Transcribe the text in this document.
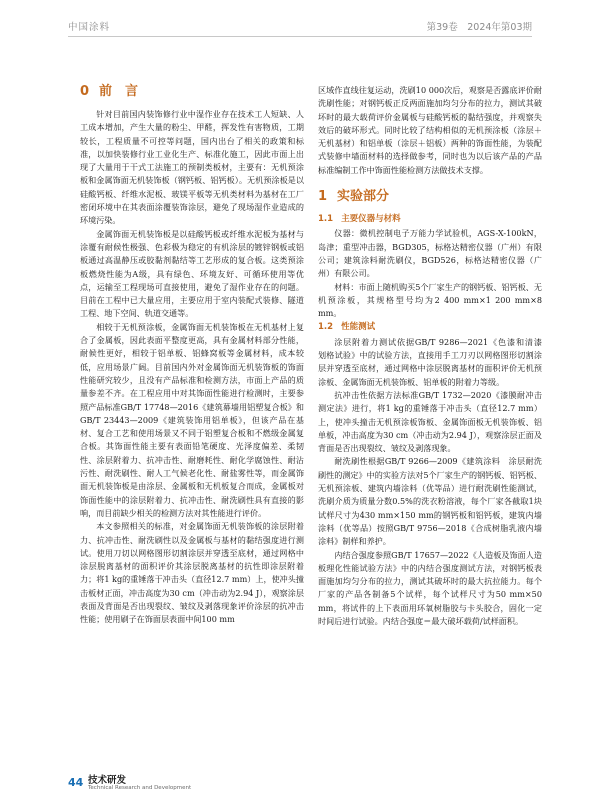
中国涂料	第39卷　2024年第03期
0 前　言

针对目前国内装饰修行业中湿作业存在技术工人短缺、人工成本增加，产生大量的粉尘、甲醛，挥发性有害物质，工期较长，工程质量不可控等问题，国内出台了相关的政策和标准，以加快装修行业工业化生产、标准化施工，因此市面上出现了大量用于干式工法施工的预制类板材，主要有：无机预涂板和金属饰面无机装饰板（钢钙板、铝钙板）。无机预涂板是以硅酸钙板、纤维水泥板、玻镁平板等无机类材料为基材在工厂密闭环境中在其表面涂覆装饰涂层，避免了现场湿作业造成的环境污染。

金属饰面无机装饰板是以硅酸钙板或纤维水泥板为基材与涂覆有耐候性极强、色彩极为稳定的有机涂层的镀锌钢板或铝板通过高温静压或胶黏剂黏结等工艺形成的复合板。这类预涂板燃烧性能为A级，具有绿色、环境友好、可循环使用等优点，运输至工程现场可直接使用，避免了湿作业存在的问题。目前在工程中已大量应用，主要应用于室内装配式装修、隧道工程、地下空间、轨道交通等。

相较于无机预涂板，金属饰面无机装饰板在无机基材上复合了金属板，因此表面平整度更高，具有金属材料部分性能，耐候性更好，相较于铝单板、铝蜂窝板等金属材料，成本较低，应用场景广阔。目前国内外对金属饰面无机装饰板的饰面性能研究较少，且没有产品标准和检测方法，市面上产品的质量参差不齐。在工程应用中对其饰面性能进行检测时，主要参照产品标准GB/T 17748—2016《建筑幕墙用铝塑复合板》和GB/T 23443—2009《建筑装饰用铝单板》，但该产品在基材、复合工艺和使用场景又不同于铝塑复合板和不燃级金属复合板。其饰面性能主要有表面铅笔硬度、光泽度偏差、柔韧性、涂层附着力、抗冲击性、耐磨耗性、耐化学腐蚀性、耐沾污性、耐洗刷性、耐人工气候老化性、耐盐雾性等，而金属饰面无机装饰板是由涂层、金属板和无机板复合而成，金属板对饰面性能中的涂层附着力、抗冲击性、耐洗刷性具有直接的影响，而目前缺少相关的检测方法对其性能进行评价。

本文参照相关的标准，对金属饰面无机装饰板的涂层附着力、抗冲击性、耐洗刷性以及金属板与基材的黏结强度进行测试。使用刀切以网格图形切割涂层并穿透至底材，通过网格中涂层脱离基材的面积评价其涂层脱离基材的抗性即涂层附着力；将1 kg的重锤落于冲击头（直径12.7 mm）上，使冲头撞击板材正面，冲击高度为30 cm（冲击动为2.94 J），观察涂层表面及背面是否出现裂纹、皱纹及剥落现象评价涂层的抗冲击性能；使用刷子在饰面层表面中间100 mm

区域作直线往复运动，洗刷10 000次后，观察是否露底评价耐洗刷性能；对钢钙板正反两面施加均匀分布的拉力，测试其破坏时的最大载荷评价金属板与硅酸钙板的黏结强度，并观察失效后的破坏形式。同时比较了结构相似的无机预涂板（涂层＋无机基材）和铝单板（涂层＋铝板）两种的饰面性能，为装配式装修中墙面材料的选择做参考，同时也为以后该产品的产品标准编制工作中饰面性能检测方法做技术支撑。

1 实验部分
1.1 主要仪器与材料

仪器：微机控制电子万能力学试验机，AGS-X-100kN，岛津；重型冲击器，BGD305，标格达精密仪器（广州）有限公司；建筑涂料耐洗刷仪，BGD526，标格达精密仪器（广州）有限公司。

材料：市面上随机购买5个厂家生产的钢钙板、铝钙板、无机预涂板，其规格型号均为2 400 mm×1 200 mm×8 mm。

1.2 性能测试

涂层附着力测试依据GB/T 9286—2021《色漆和清漆　划格试验》中的试验方法，直接用手工刀刃以网格图形切割涂层并穿透至底材，通过网格中涂层脱离基材的面积评价无机预涂板、金属饰面无机装饰板、铝单板的附着力等级。

抗冲击性依据方法标准GB/T 1732—2020《漆膜耐冲击测定法》进行，将1 kg的重锤落于冲击头（直径12.7 mm）上，使冲头撞击无机预涂板饰板、金属饰面板无机装饰板、铝单板，冲击高度为30 cm（冲击动为2.94 J），观察涂层正面及背面是否出现裂纹、皱纹及剥落现象。

耐洗刷性根据GB/T 9266—2009《建筑涂料　涂层耐洗刷性的测定》中的实验方法对5个厂家生产的钢钙板、铝钙板、无机预涂板、建筑内墙涂料（优等品）进行耐洗刷性能测试，洗刷介质为质量分数0.5%的洗衣粉溶液，每个厂家各截取1块试样尺寸为430 mm×150 mm的钢钙板和铝钙板，建筑内墙涂料（优等品）按照GB/T 9756—2018《合成树脂乳液内墙涂料》制样和养护。

内结合强度参照GB/T 17657—2022《人造板及饰面人造板理化性能试验方法》中的内结合强度测试方法，对钢钙板表面施加均匀分布的拉力，测试其破坏时的最大抗拉能力。每个厂家的产品各制备5个试样，每个试样尺寸为50 mm×50 mm，将试件的上下表面用环氧树脂胶与卡头胶合，固化一定时间后进行试验。内结合强度＝最大破坏载荷/试样面积。

44 技术研发
Technical Research and Development
